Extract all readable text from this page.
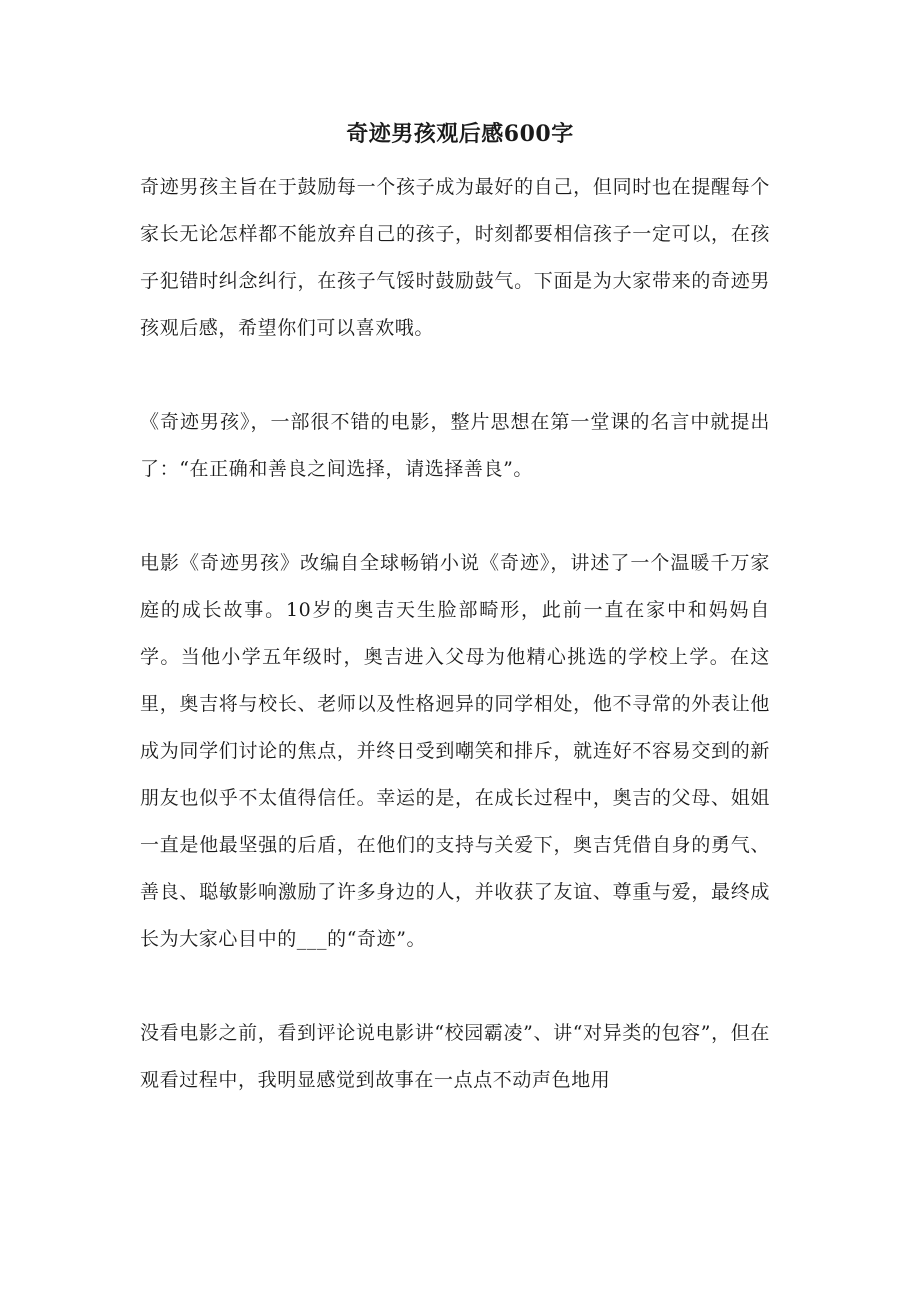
奇迹男孩观后感600字

奇迹男孩主旨在于鼓励每一个孩子成为最好的自己，但同时也在提醒每个家长无论怎样都不能放弃自己的孩子，时刻都要相信孩子一定可以，在孩子犯错时纠念纠行，在孩子气馁时鼓励鼓气。下面是为大家带来的奇迹男孩观后感，希望你们可以喜欢哦。

《奇迹男孩》，一部很不错的电影，整片思想在第一堂课的名言中就提出了：“在正确和善良之间选择，请选择善良”。

电影《奇迹男孩》改编自全球畅销小说《奇迹》，讲述了一个温暖千万家庭的成长故事。10岁的奥吉天生脸部畸形，此前一直在家中和妈妈自学。当他小学五年级时，奥吉进入父母为他精心挑选的学校上学。在这里，奥吉将与校长、老师以及性格迥异的同学相处，他不寻常的外表让他成为同学们讨论的焦点，并终日受到嘲笑和排斥，就连好不容易交到的新朋友也似乎不太值得信任。幸运的是，在成长过程中，奥吉的父母、姐姐一直是他最坚强的后盾，在他们的支持与关爱下，奥吉凭借自身的勇气、善良、聪敏影响激励了许多身边的人，并收获了友谊、尊重与爱，最终成长为大家心目中的___的“奇迹”。

没看电影之前，看到评论说电影讲“校园霸凌”、讲“对异类的包容”，但在观看过程中，我明显感觉到故事在一点点不动声色地用
